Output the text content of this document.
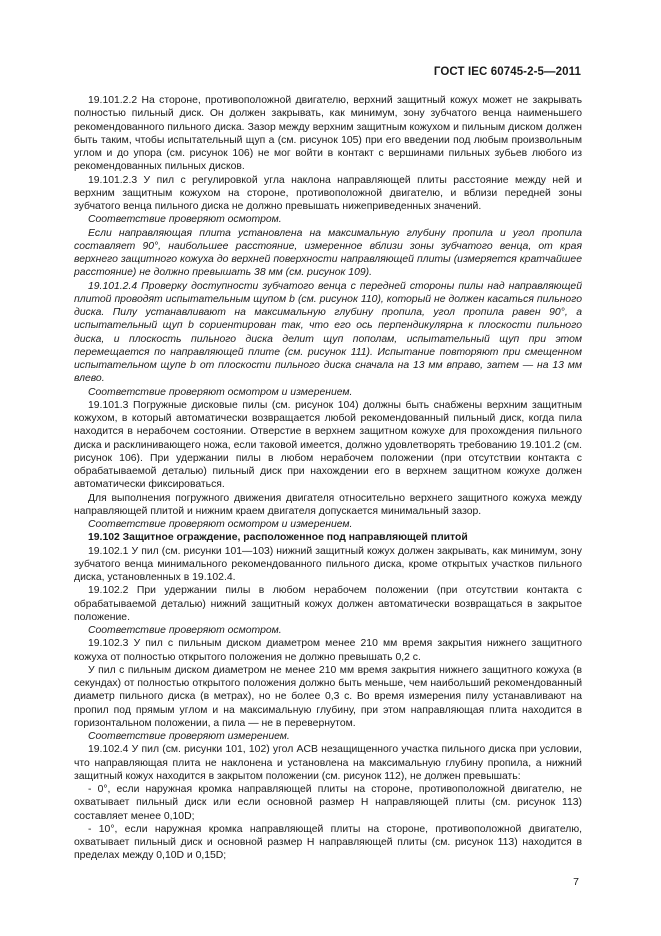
ГОСТ IEC 60745-2-5—2011

19.101.2.2 На стороне, противоположной двигателю, верхний защитный кожух может не закрывать полностью пильный диск. Он должен закрывать, как минимум, зону зубчатого венца наименьшего рекомендованного пильного диска. Зазор между верхним защитным кожухом и пильным диском должен быть таким, чтобы испытательный щуп a (см. рисунок 105) при его введении под любым произвольным углом и до упора (см. рисунок 106) не мог войти в контакт с вершинами пильных зубьев любого из рекомендованных пильных дисков.

19.101.2.3 У пил с регулировкой угла наклона направляющей плиты расстояние между ней и верхним защитным кожухом на стороне, противоположной двигателю, и вблизи передней зоны зубчатого венца пильного диска не должно превышать нижеприведенных значений.

Соответствие проверяют осмотром.

Если направляющая плита установлена на максимальную глубину пропила и угол пропила составляет 90°, наибольшее расстояние, измеренное вблизи зоны зубчатого венца, от края верхнего защитного кожуха до верхней поверхности направляющей плиты (измеряется кратчайшее расстояние) не должно превышать 38 мм (см. рисунок 109).

19.101.2.4 Проверку доступности зубчатого венца с передней стороны пилы над направляющей плитой проводят испытательным щупом b (см. рисунок 110), который не должен касаться пильного диска. Пилу устанавливают на максимальную глубину пропила, угол пропила равен 90°, а испытательный щуп b сориентирован так, что его ось перпендикулярна к плоскости пильного диска, и плоскость пильного диска делит щуп пополам, испытательный щуп при этом перемещается по направляющей плите (см. рисунок 111). Испытание повторяют при смещенном испытательном щупе b от плоскости пильного диска сначала на 13 мм вправо, затем — на 13 мм влево.

Соответствие проверяют осмотром и измерением.

19.101.3 Погружные дисковые пилы (см. рисунок 104) должны быть снабжены верхним защитным кожухом, в который автоматически возвращается любой рекомендованный пильный диск, когда пила находится в нерабочем состоянии. Отверстие в верхнем защитном кожухе для прохождения пильного диска и расклинивающего ножа, если таковой имеется, должно удовлетворять требованию 19.101.2 (см. рисунок 106). При удержании пилы в любом нерабочем положении (при отсутствии контакта с обрабатываемой деталью) пильный диск при нахождении его в верхнем защитном кожухе должен автоматически фиксироваться.

Для выполнения погружного движения двигателя относительно верхнего защитного кожуха между направляющей плитой и нижним краем двигателя допускается минимальный зазор.

Соответствие проверяют осмотром и измерением.

19.102 Защитное ограждение, расположенное под направляющей плитой

19.102.1 У пил (см. рисунки 101—103) нижний защитный кожух должен закрывать, как минимум, зону зубчатого венца минимального рекомендованного пильного диска, кроме открытых участков пильного диска, установленных в 19.102.4.

19.102.2 При удержании пилы в любом нерабочем положении (при отсутствии контакта с обрабатываемой деталью) нижний защитный кожух должен автоматически возвращаться в закрытое положение.

Соответствие проверяют осмотром.

19.102.3 У пил с пильным диском диаметром менее 210 мм время закрытия нижнего защитного кожуха от полностью открытого положения не должно превышать 0,2 с.

У пил с пильным диском диаметром не менее 210 мм время закрытия нижнего защитного кожуха (в секундах) от полностью открытого положения должно быть меньше, чем наибольший рекомендованный диаметр пильного диска (в метрах), но не более 0,3 с. Во время измерения пилу устанавливают на пропил под прямым углом и на максимальную глубину, при этом направляющая плита находится в горизонтальном положении, а пила — не в перевернутом.

Соответствие проверяют измерением.

19.102.4 У пил (см. рисунки 101, 102) угол ACB незащищенного участка пильного диска при условии, что направляющая плита не наклонена и установлена на максимальную глубину пропила, а нижний защитный кожух находится в закрытом положении (см. рисунок 112), не должен превышать:

- 0°, если наружная кромка направляющей плиты на стороне, противоположной двигателю, не охватывает пильный диск или если основной размер H направляющей плиты (см. рисунок 113) составляет менее 0,10D;

- 10°, если наружная кромка направляющей плиты на стороне, противоположной двигателю, охватывает пильный диск и основной размер H направляющей плиты (см. рисунок 113) находится в пределах между 0,10D и 0,15D;

7
